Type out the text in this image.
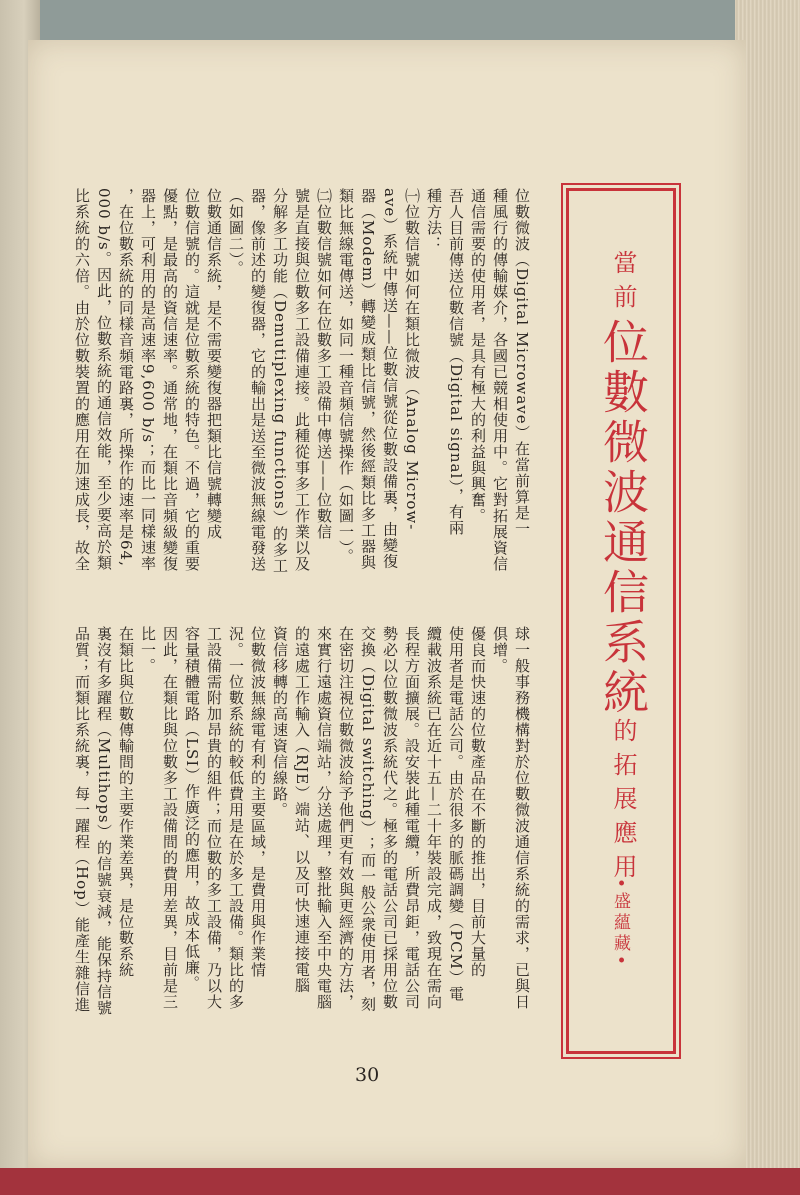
當前位數微波通信系統的拓展應用
•盛蘊藏•
位數微波（Digital Microwave）在當前算是一
種風行的傳輸媒介，各國已競相使用中。它對拓展資信
通信需要的使用者，是具有極大的利益與興奮。
吾人目前傳送位數信號（Digital signal），有兩
種方法：
㈠位數信號如何在類比微波（Analog Microw-
ave）系統中傳送——位數信號從位數設備裏，由變復
器（Modem）轉變成類比信號，然後經類比多工器與
類比無線電傳送，如同一種音頻信號操作（如圖一）。
㈡位數信號如何在位數多工設備中傳送——位數信
號是直接與位數多工設備連接。此種從事多工作業以及
分解多工功能（Demutiplexing functions）的多工
器，像前述的變復器，它的輸出是送至微波無線電發送
（如圖二）。
位數通信系統，是不需要變復器把類比信號轉變成
位數信號的。這就是位數系統的特色。不過，它的重要
優點，是最高的資信速率。通常地，在類比音頻級變復
器上，可利用的是高速率9,600 b/s；而比一同樣速率
，在位數系統的同樣音頻電路裏，所操作的速率是64,
000 b/s。因此，位數系統的通信效能，至少要高於類
比系統的六倍。由於位數裝置的應用在加速成長，故全
球一般事務機構對於位數微波通信系統的需求，已與日
俱增。
優良而快速的位數產品在不斷的推出，目前大量的
使用者是電話公司。由於很多的脈碼調變（PCM）電
纜載波系統已在近十五—二十年裝設完成，致現在需向
長程方面擴展。設安裝此種電纜，所費昂鉅，電話公司
勢必以位數微波系統代之。極多的電話公司已採用位數
交換（Digital switching）；而一般公衆使用者，刻
在密切注視位數微波給予他們更有效與更經濟的方法，
來實行遠處資信端站，分送處理，整批輸入至中央電腦
的遠處工作輸入（RJE）端站、以及可快速連接電腦
資信移轉的高速資信線路。
位數微波無線電有利的主要區域，是費用與作業情
況。一位數系統的較低費用是在於多工設備。類比的多
工設備需附加昂貴的組件；而位數的多工設備，乃以大
容量積體電路（LSI）作廣泛的應用，故成本低廉。
因此，在類比與位數多工設備間的費用差異，目前是三
比一。
在類比與位數傳輸間的主要作業差異，是位數系統
裏沒有多躍程（Multihops）的信號衰減，能保持信號
品質；而類比系統裏，每一躍程（Hop）能產生雜信進
30
